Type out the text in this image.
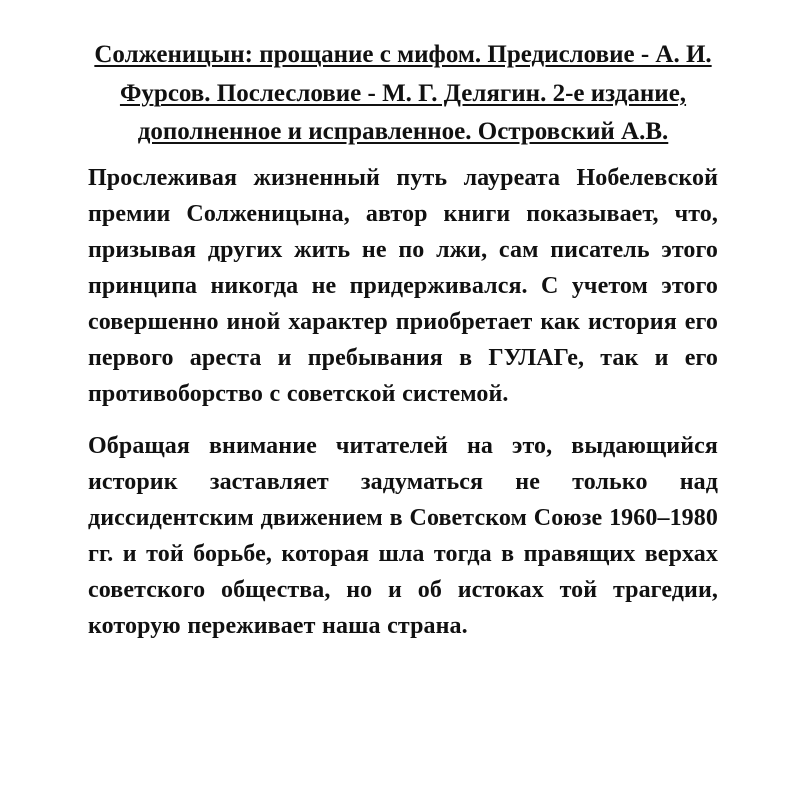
Солженицын: прощание с мифом. Предисловие - А. И. Фурсов. Послесловие - М. Г. Делягин. 2-е издание, дополненное и исправленное. Островский А.В.

Прослеживая жизненный путь лауреата Нобелевской премии Солженицына, автор книги показывает, что, призывая других жить не по лжи, сам писатель этого принципа никогда не придерживался. С учетом этого совершенно иной характер приобретает как история его первого ареста и пребывания в ГУЛАГе, так и его противоборство с советской системой.

Обращая внимание читателей на это, выдающийся историк заставляет задуматься не только над диссидентским движением в Советском Союзе 1960–1980 гг. и той борьбе, которая шла тогда в правящих верхах советского общества, но и об истоках той трагедии, которую переживает наша страна.
